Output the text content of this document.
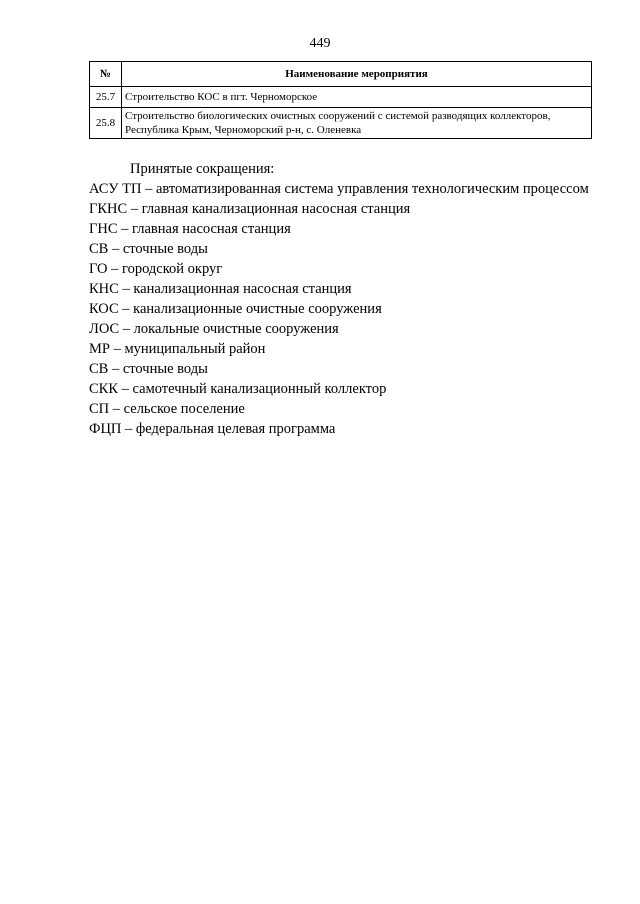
449
№	Наименование мероприятия
25.7	Строительство КОС в пгт. Черноморское
25.8	Строительство биологических очистных сооружений с системой разводящих коллекторов, Республика Крым, Черноморский р-н, с. Оленевка
Принятые сокращения:
АСУ ТП – автоматизированная система управления технологическим процессом
ГКНС – главная канализационная насосная станция
ГНС – главная насосная станция
СВ – сточные воды
ГО – городской округ
КНС – канализационная насосная станция
КОС – канализационные очистные сооружения
ЛОС – локальные очистные сооружения
МР – муниципальный район
СВ – сточные воды
СКК – самотечный канализационный коллектор
СП – сельское поселение
ФЦП – федеральная целевая программа
